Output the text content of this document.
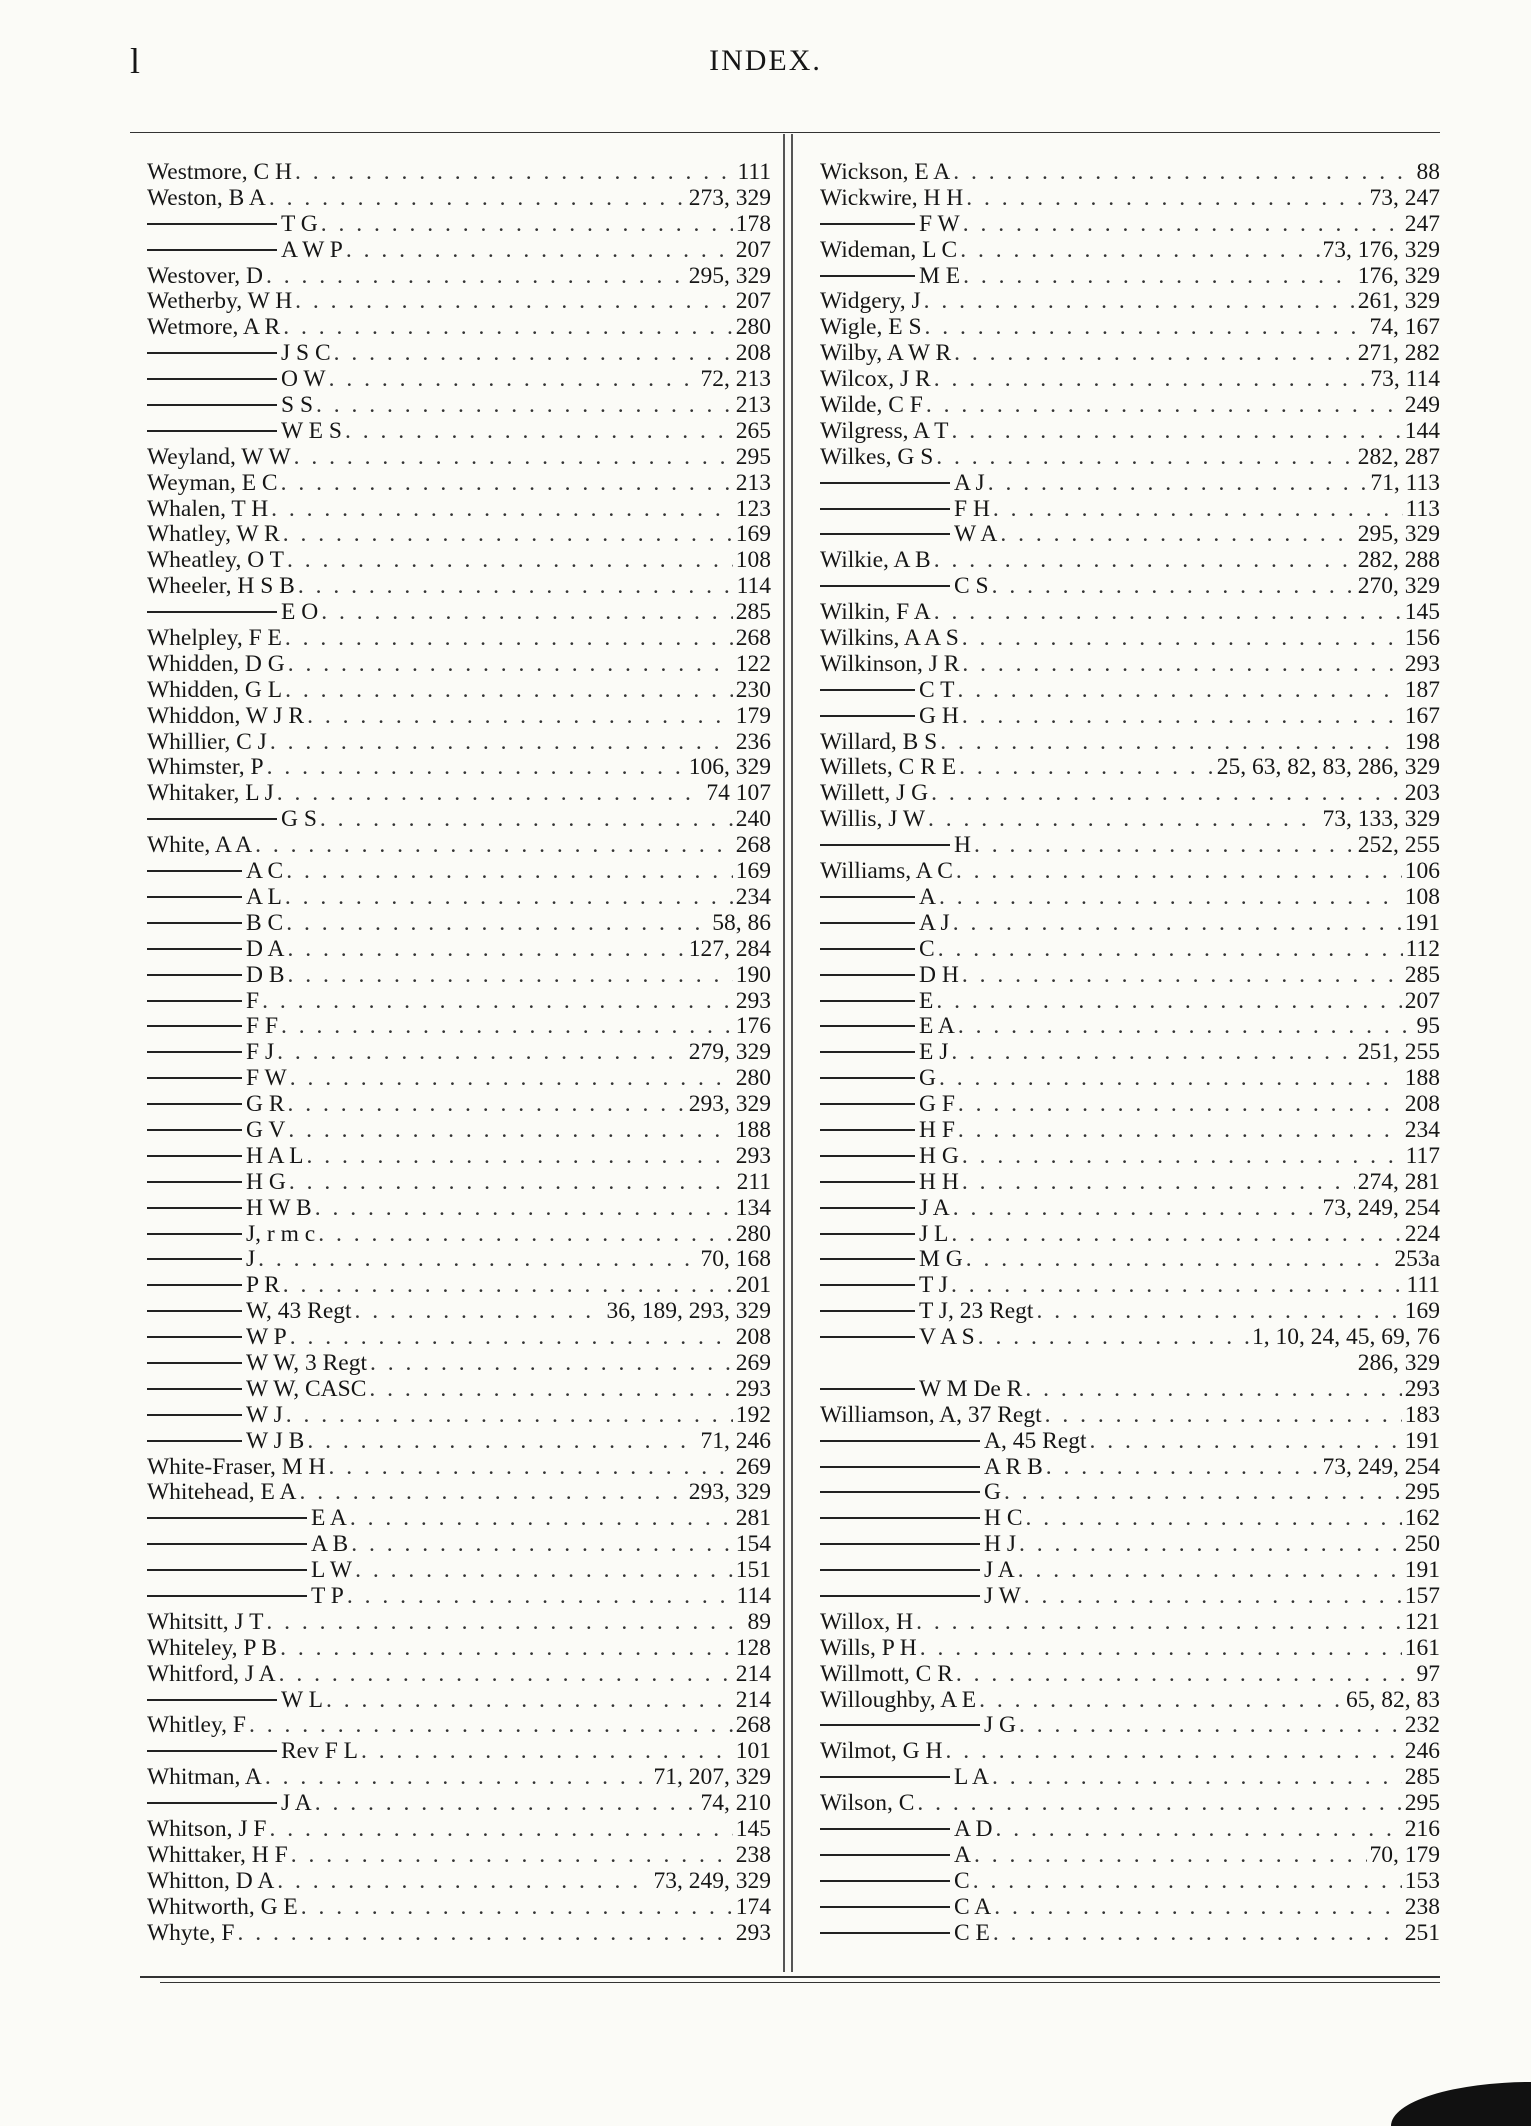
l	INDEX.
Westmore, C H . . .	111
Weston, B A . . .	273, 329
T G . . .	178
A W P . . .	207
Westover, D . . .	295, 329
Wetherby, W H . . .	207
Wetmore, A R . . .	280
J S C . . .	208
O W . . .	72, 213
S S . . .	213
W E S . . .	265
Weyland, W W . . .	295
Weyman, E C . . .	213
Whalen, T H . . .	123
Whatley, W R . . .	169
Wheatley, O T . . .	108
Wheeler, H S B . . .	114
E O . . .	285
Whelpley, F E . . .	268
Whidden, D G . . .	122
Whidden, G L . . .	230
Whiddon, W J R . . .	179
Whillier, C J . . .	236
Whimster, P . . .	106, 329
Whitaker, L J . . .	74 107
G S . . .	240
White, A A . . .	268
A C . . .	169
A L . . .	234
B C . . .	58, 86
D A . . .	127, 284
D B . . .	190
F . . .	293
F F . . .	176
F J . . .	279, 329
F W . . .	280
G R . . .	293, 329
G V . . .	188
H A L . . .	293
H G . . .	211
H W B . . .	134
J, r m c . . .	280
J . . .	70, 168
P R . . .	201
W, 43 Regt . . .	36, 189, 293, 329
W P . . .	208
W W, 3 Regt . . .	269
W W, CASC . . .	293
W J . . .	192
W J B . . .	71, 246
White-Fraser, M H . . .	269
Whitehead, E A . . .	293, 329
E A . . .	281
A B . . .	154
L W . . .	151
T P . . .	114
Whitsitt, J T . . .	89
Whiteley, P B . . .	128
Whitford, J A . . .	214
W L . . .	214
Whitley, F . . .	268
Rev F L . . .	101
Whitman, A . . .	71, 207, 329
J A . . .	74, 210
Whitson, J F . . .	145
Whittaker, H F . . .	238
Whitton, D A . . .	73, 249, 329
Whitworth, G E . . .	174
Whyte, F . . .	293
Wickson, E A . . .	88
Wickwire, H H . . .	73, 247
F W . . .	247
Wideman, L C . . .	73, 176, 329
M E . . .	176, 329
Widgery, J . . .	261, 329
Wigle, E S . . .	74, 167
Wilby, A W R . . .	271, 282
Wilcox, J R . . .	73, 114
Wilde, C F . . .	249
Wilgress, A T . . .	144
Wilkes, G S . . .	282, 287
A J . . .	71, 113
F H . . .	113
W A . . .	295, 329
Wilkie, A B . . .	282, 288
C S . . .	270, 329
Wilkin, F A . . .	145
Wilkins, A A S . . .	156
Wilkinson, J R . . .	293
C T . . .	187
G H . . .	167
Willard, B S . . .	198
Willets, C R E . . .	25, 63, 82, 83, 286, 329
Willett, J G . . .	203
Willis, J W . . .	73, 133, 329
H . . .	252, 255
Williams, A C . . .	106
A . . .	108
A J . . .	191
C . . .	112
D H . . .	285
E . . .	207
E A . . .	95
E J . . .	251, 255
G . . .	188
G F . . .	208
H F . . .	234
H G . . .	117
H H . . .	274, 281
J A . . .	73, 249, 254
J L . . .	224
M G . . .	253a
T J . . .	111
T J, 23 Regt . . .	169
V A S . . .	1, 10, 24, 45, 69, 76
286, 329
W M De R . . .	293
Williamson, A, 37 Regt . . .	183
A, 45 Regt . . .	191
A R B . . .	73, 249, 254
G . . .	295
H C . . .	162
H J . . .	250
J A . . .	191
J W . . .	157
Willox, H . . .	121
Wills, P H . . .	161
Willmott, C R . . .	97
Willoughby, A E . . .	65, 82, 83
J G . . .	232
Wilmot, G H . . .	246
L A . . .	285
Wilson, C . . .	295
A D . . .	216
A . . .	70, 179
C . . .	153
C A . . .	238
C E . . .	251
